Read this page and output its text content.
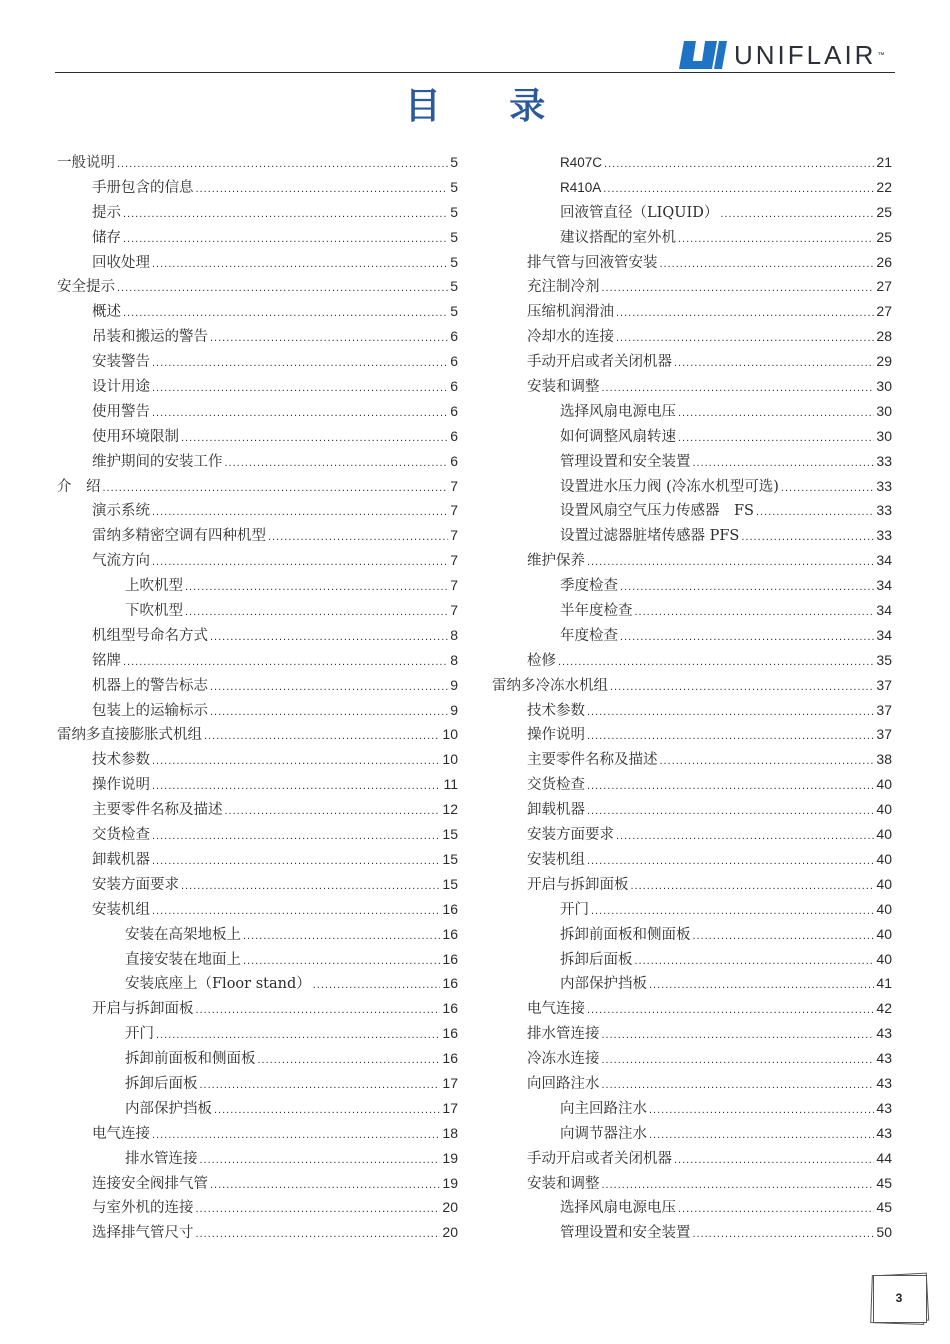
UNIFLAIR ™
目 录
一般说明 .....	5
手册包含的信息 .....	5
提示 .....	5
储存 .....	5
回收处理 .....	5
安全提示 .....	5
概述 .....	5
吊装和搬运的警告 .....	6
安装警告 .....	6
设计用途 .....	6
使用警告 .....	6
使用环境限制 .....	6
维护期间的安装工作 .....	6
介　绍 .....	7
演示系统 .....	7
雷纳多精密空调有四种机型 .....	7
气流方向 .....	7
上吹机型 .....	7
下吹机型 .....	7
机组型号命名方式 .....	8
铭牌 .....	8
机器上的警告标志 .....	9
包装上的运输标示 .....	9
雷纳多直接膨胀式机组 .....	10
技术参数 .....	10
操作说明 .....	11
主要零件名称及描述 .....	12
交货检查 .....	15
卸载机器 .....	15
安装方面要求 .....	15
安装机组 .....	16
安装在高架地板上 .....	16
直接安装在地面上 .....	16
安装底座上（Floor stand） .....	16
开启与拆卸面板 .....	16
开门 .....	16
拆卸前面板和侧面板 .....	16
拆卸后面板 .....	17
内部保护挡板 .....	17
电气连接 .....	18
排水管连接 .....	19
连接安全阀排气管 .....	19
与室外机的连接 .....	20
选择排气管尺寸 .....	20
R407C .....	21
R410A .....	22
回液管直径（LIQUID） .....	25
建议搭配的室外机 .....	25
排气管与回液管安装 .....	26
充注制冷剂 .....	27
压缩机润滑油 .....	27
冷却水的连接 .....	28
手动开启或者关闭机器 .....	29
安装和调整 .....	30
选择风扇电源电压 .....	30
如何调整风扇转速 .....	30
管理设置和安全装置 .....	33
设置进水压力阀 (冷冻水机型可选) .....	33
设置风扇空气压力传感器　FS .....	33
设置过滤器脏堵传感器 PFS .....	33
维护保养 .....	34
季度检查 .....	34
半年度检查 .....	34
年度检查 .....	34
检修 .....	35
雷纳多冷冻水机组 .....	37
技术参数 .....	37
操作说明 .....	37
主要零件名称及描述 .....	38
交货检查 .....	40
卸载机器 .....	40
安装方面要求 .....	40
安装机组 .....	40
开启与拆卸面板 .....	40
开门 .....	40
拆卸前面板和侧面板 .....	40
拆卸后面板 .....	40
内部保护挡板 .....	41
电气连接 .....	42
排水管连接 .....	43
冷冻水连接 .....	43
向回路注水 .....	43
向主回路注水 .....	43
向调节器注水 .....	43
手动开启或者关闭机器 .....	44
安装和调整 .....	45
选择风扇电源电压 .....	45
管理设置和安全装置 .....	50
3
